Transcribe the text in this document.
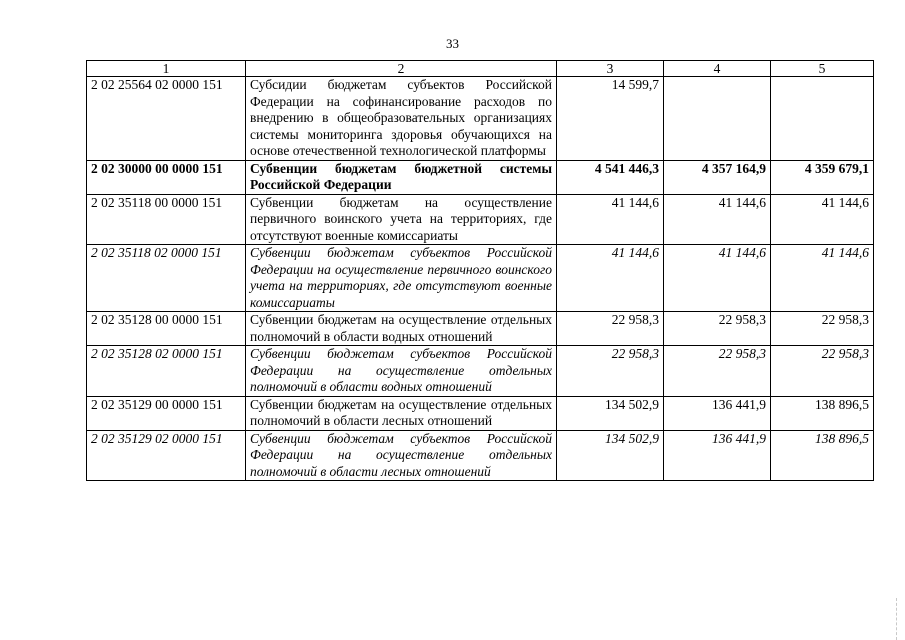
33
1	2	3	4	5
2 02 25564 02 0000 151	Субсидии бюджетам субъектов Российской Федерации на софинансирование расходов по внедрению в общеобразовательных организациях системы мониторинга здоровья обучающихся на основе отечественной технологической платформы	14 599,7		
2 02 30000 00 0000 151	Субвенции бюджетам бюджетной системы Российской Федерации	4 541 446,3	4 357 164,9	4 359 679,1
2 02 35118 00 0000 151	Субвенции бюджетам на осуществление первичного воинского учета на территориях, где отсутствуют военные комиссариаты	41 144,6	41 144,6	41 144,6
2 02 35118 02 0000 151	Субвенции бюджетам субъектов Российской Федерации на осуществление первичного воинского учета на территориях, где отсутствуют военные комиссариаты	41 144,6	41 144,6	41 144,6
2 02 35128 00 0000 151	Субвенции бюджетам на осуществление отдельных полномочий в области водных отношений	22 958,3	22 958,3	22 958,3
2 02 35128 02 0000 151	Субвенции бюджетам субъектов Российской Федерации на осуществление отдельных полномочий в области водных отношений	22 958,3	22 958,3	22 958,3
2 02 35129 00 0000 151	Субвенции бюджетам на осуществление отдельных полномочий в области лесных отношений	134 502,9	136 441,9	138 896,5
2 02 35129 02 0000 151	Субвенции бюджетам субъектов Российской Федерации на осуществление отдельных полномочий в области лесных отношений	134 502,9	136 441,9	138 896,5
